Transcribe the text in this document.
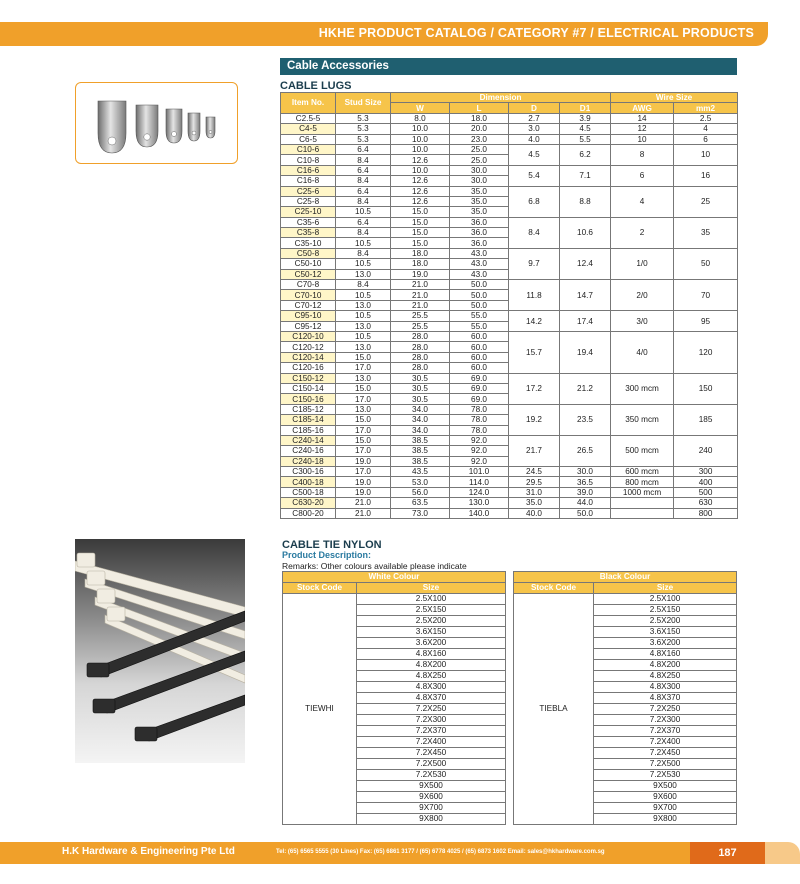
HKHE PRODUCT CATALOG / CATEGORY #7 / ELECTRICAL PRODUCTS
Cable Accessories
CABLE LUGS
Item No.	Stud Size	Dimension				Wire Size	
		W	L	D	D1	AWG	mm2
C2.5-5	5.3	8.0	18.0	2.7	3.9	14	2.5
C4-5	5.3	10.0	20.0	3.0	4.5	12	4
C6-5	5.3	10.0	23.0	4.0	5.5	10	6
C10-6	6.4	10.0	25.0	4.5	6.2	8	10
C10-8	8.4	12.6	25.0				
C16-6	6.4	10.0	30.0	5.4	7.1	6	16
C16-8	8.4	12.6	30.0				
C25-6	6.4	12.6	35.0	6.8	8.8	4	25
C25-8	8.4	12.6	35.0				
C25-10	10.5	15.0	35.0				
C35-6	6.4	15.0	36.0	8.4	10.6	2	35
C35-8	8.4	15.0	36.0				
C35-10	10.5	15.0	36.0				
C50-8	8.4	18.0	43.0	9.7	12.4	1/0	50
C50-10	10.5	18.0	43.0				
C50-12	13.0	19.0	43.0				
C70-8	8.4	21.0	50.0	11.8	14.7	2/0	70
C70-10	10.5	21.0	50.0				
C70-12	13.0	21.0	50.0				
C95-10	10.5	25.5	55.0	14.2	17.4	3/0	95
C95-12	13.0	25.5	55.0				
C120-10	10.5	28.0	60.0	15.7	19.4	4/0	120
C120-12	13.0	28.0	60.0				
C120-14	15.0	28.0	60.0				
C120-16	17.0	28.0	60.0				
C150-12	13.0	30.5	69.0	17.2	21.2	300 mcm	150
C150-14	15.0	30.5	69.0				
C150-16	17.0	30.5	69.0				
C185-12	13.0	34.0	78.0	19.2	23.5	350 mcm	185
C185-14	15.0	34.0	78.0				
C185-16	17.0	34.0	78.0				
C240-14	15.0	38.5	92.0	21.7	26.5	500 mcm	240
C240-16	17.0	38.5	92.0				
C240-18	19.0	38.5	92.0				
C300-16	17.0	43.5	101.0	24.5	30.0	600 mcm	300
C400-18	19.0	53.0	114.0	29.5	36.5	800 mcm	400
C500-18	19.0	56.0	124.0	31.0	39.0	1000 mcm	500
C630-20	21.0	63.5	130.0	35.0	44.0		630
C800-20	21.0	73.0	140.0	40.0	50.0		800
CABLE TIE NYLON
Product Description:
Remarks: Other colours available please indicate
White Colour	
Stock Code	Size
TIEWHI	2.5X100
	2.5X150
	2.5X200
	3.6X150
	3.6X200
	4.8X160
	4.8X200
	4.8X250
	4.8X300
	4.8X370
	7.2X250
	7.2X300
	7.2X370
	7.2X400
	7.2X450
	7.2X500
	7.2X530
	9X500
	9X600
	9X700
	9X800
Black Colour	
Stock Code	Size
TIEBLA	2.5X100
	2.5X150
	2.5X200
	3.6X150
	3.6X200
	4.8X160
	4.8X200
	4.8X250
	4.8X300
	4.8X370
	7.2X250
	7.2X300
	7.2X370
	7.2X400
	7.2X450
	7.2X500
	7.2X530
	9X500
	9X600
	9X700
	9X800
H.K Hardware & Engineering Pte Ltd	Tel: (65) 6565 5555 (30 Lines) Fax: (65) 6861 3177 / (65) 6778 4025 / (65) 6873 1602 Email: sales@hkhardware.com.sg	187
